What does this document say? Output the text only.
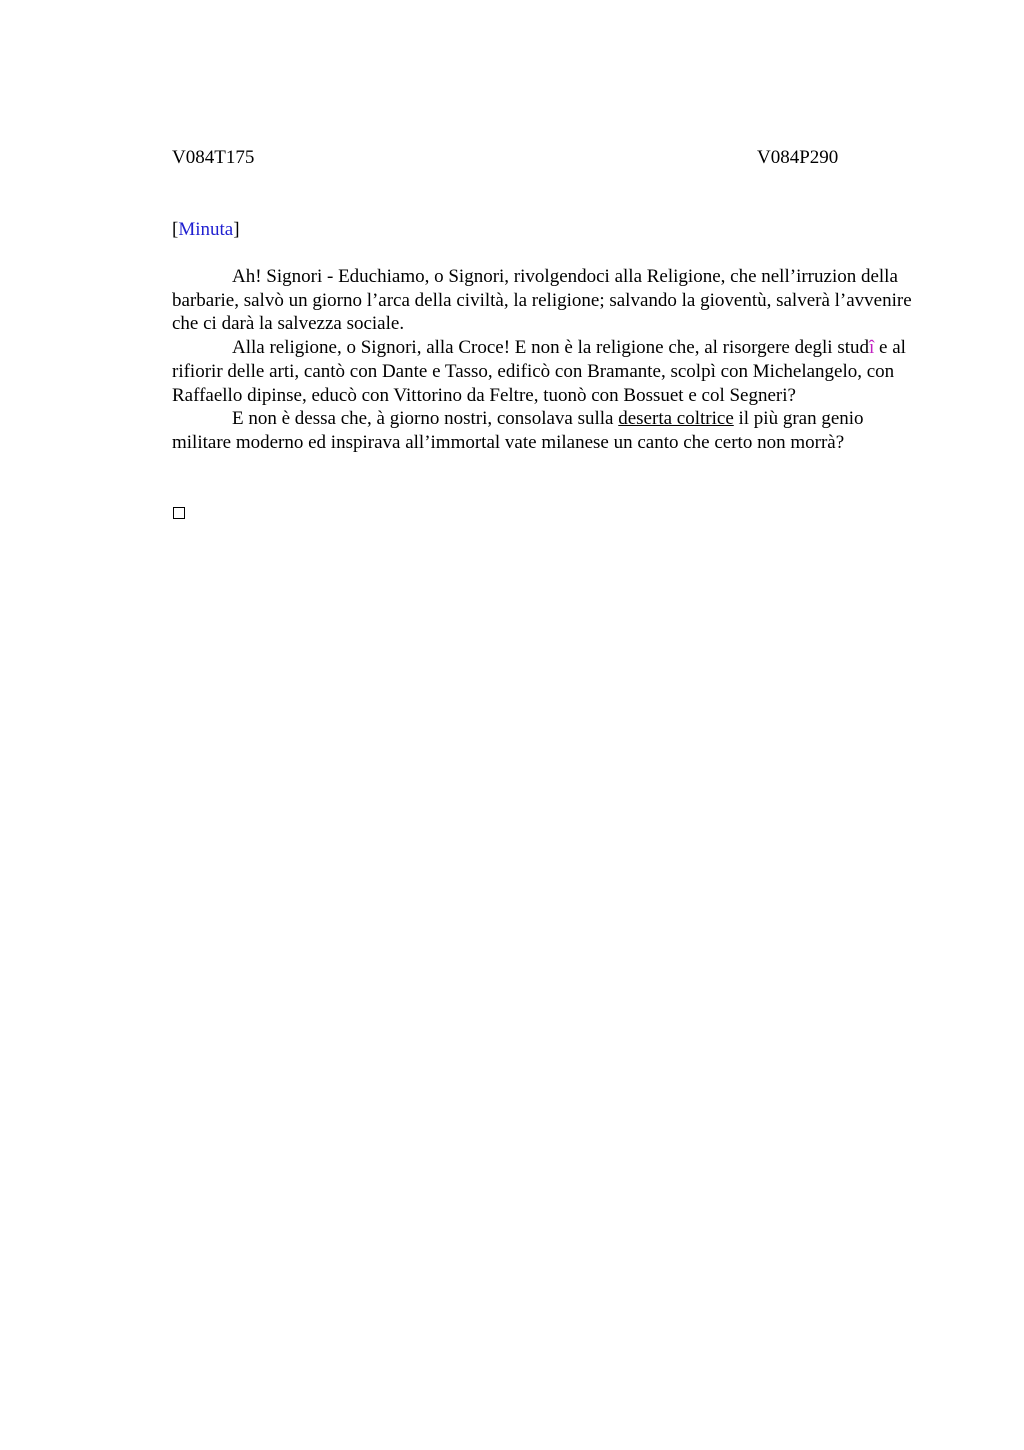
V084T175	V084P290
[Minuta]

Ah! Signori - Educhiamo, o Signori, rivolgendoci alla Religione, che nell’irruzion della barbarie, salvò un giorno l’arca della civiltà, la religione; salvando la gioventù, salverà l’avvenire che ci darà la salvezza sociale.

Alla religione, o Signori, alla Croce! E non è la religione che, al risorgere degli studî e al rifiorir delle arti, cantò con Dante e Tasso, edificò con Bramante, scolpì con Michelangelo, con Raffaello dipinse, educò con Vittorino da Feltre, tuonò con Bossuet e col Segneri?

E non è dessa che, à giorno nostri, consolava sulla deserta coltrice il più gran genio militare moderno ed inspirava all’immortal vate milanese un canto che certo non morrà?
